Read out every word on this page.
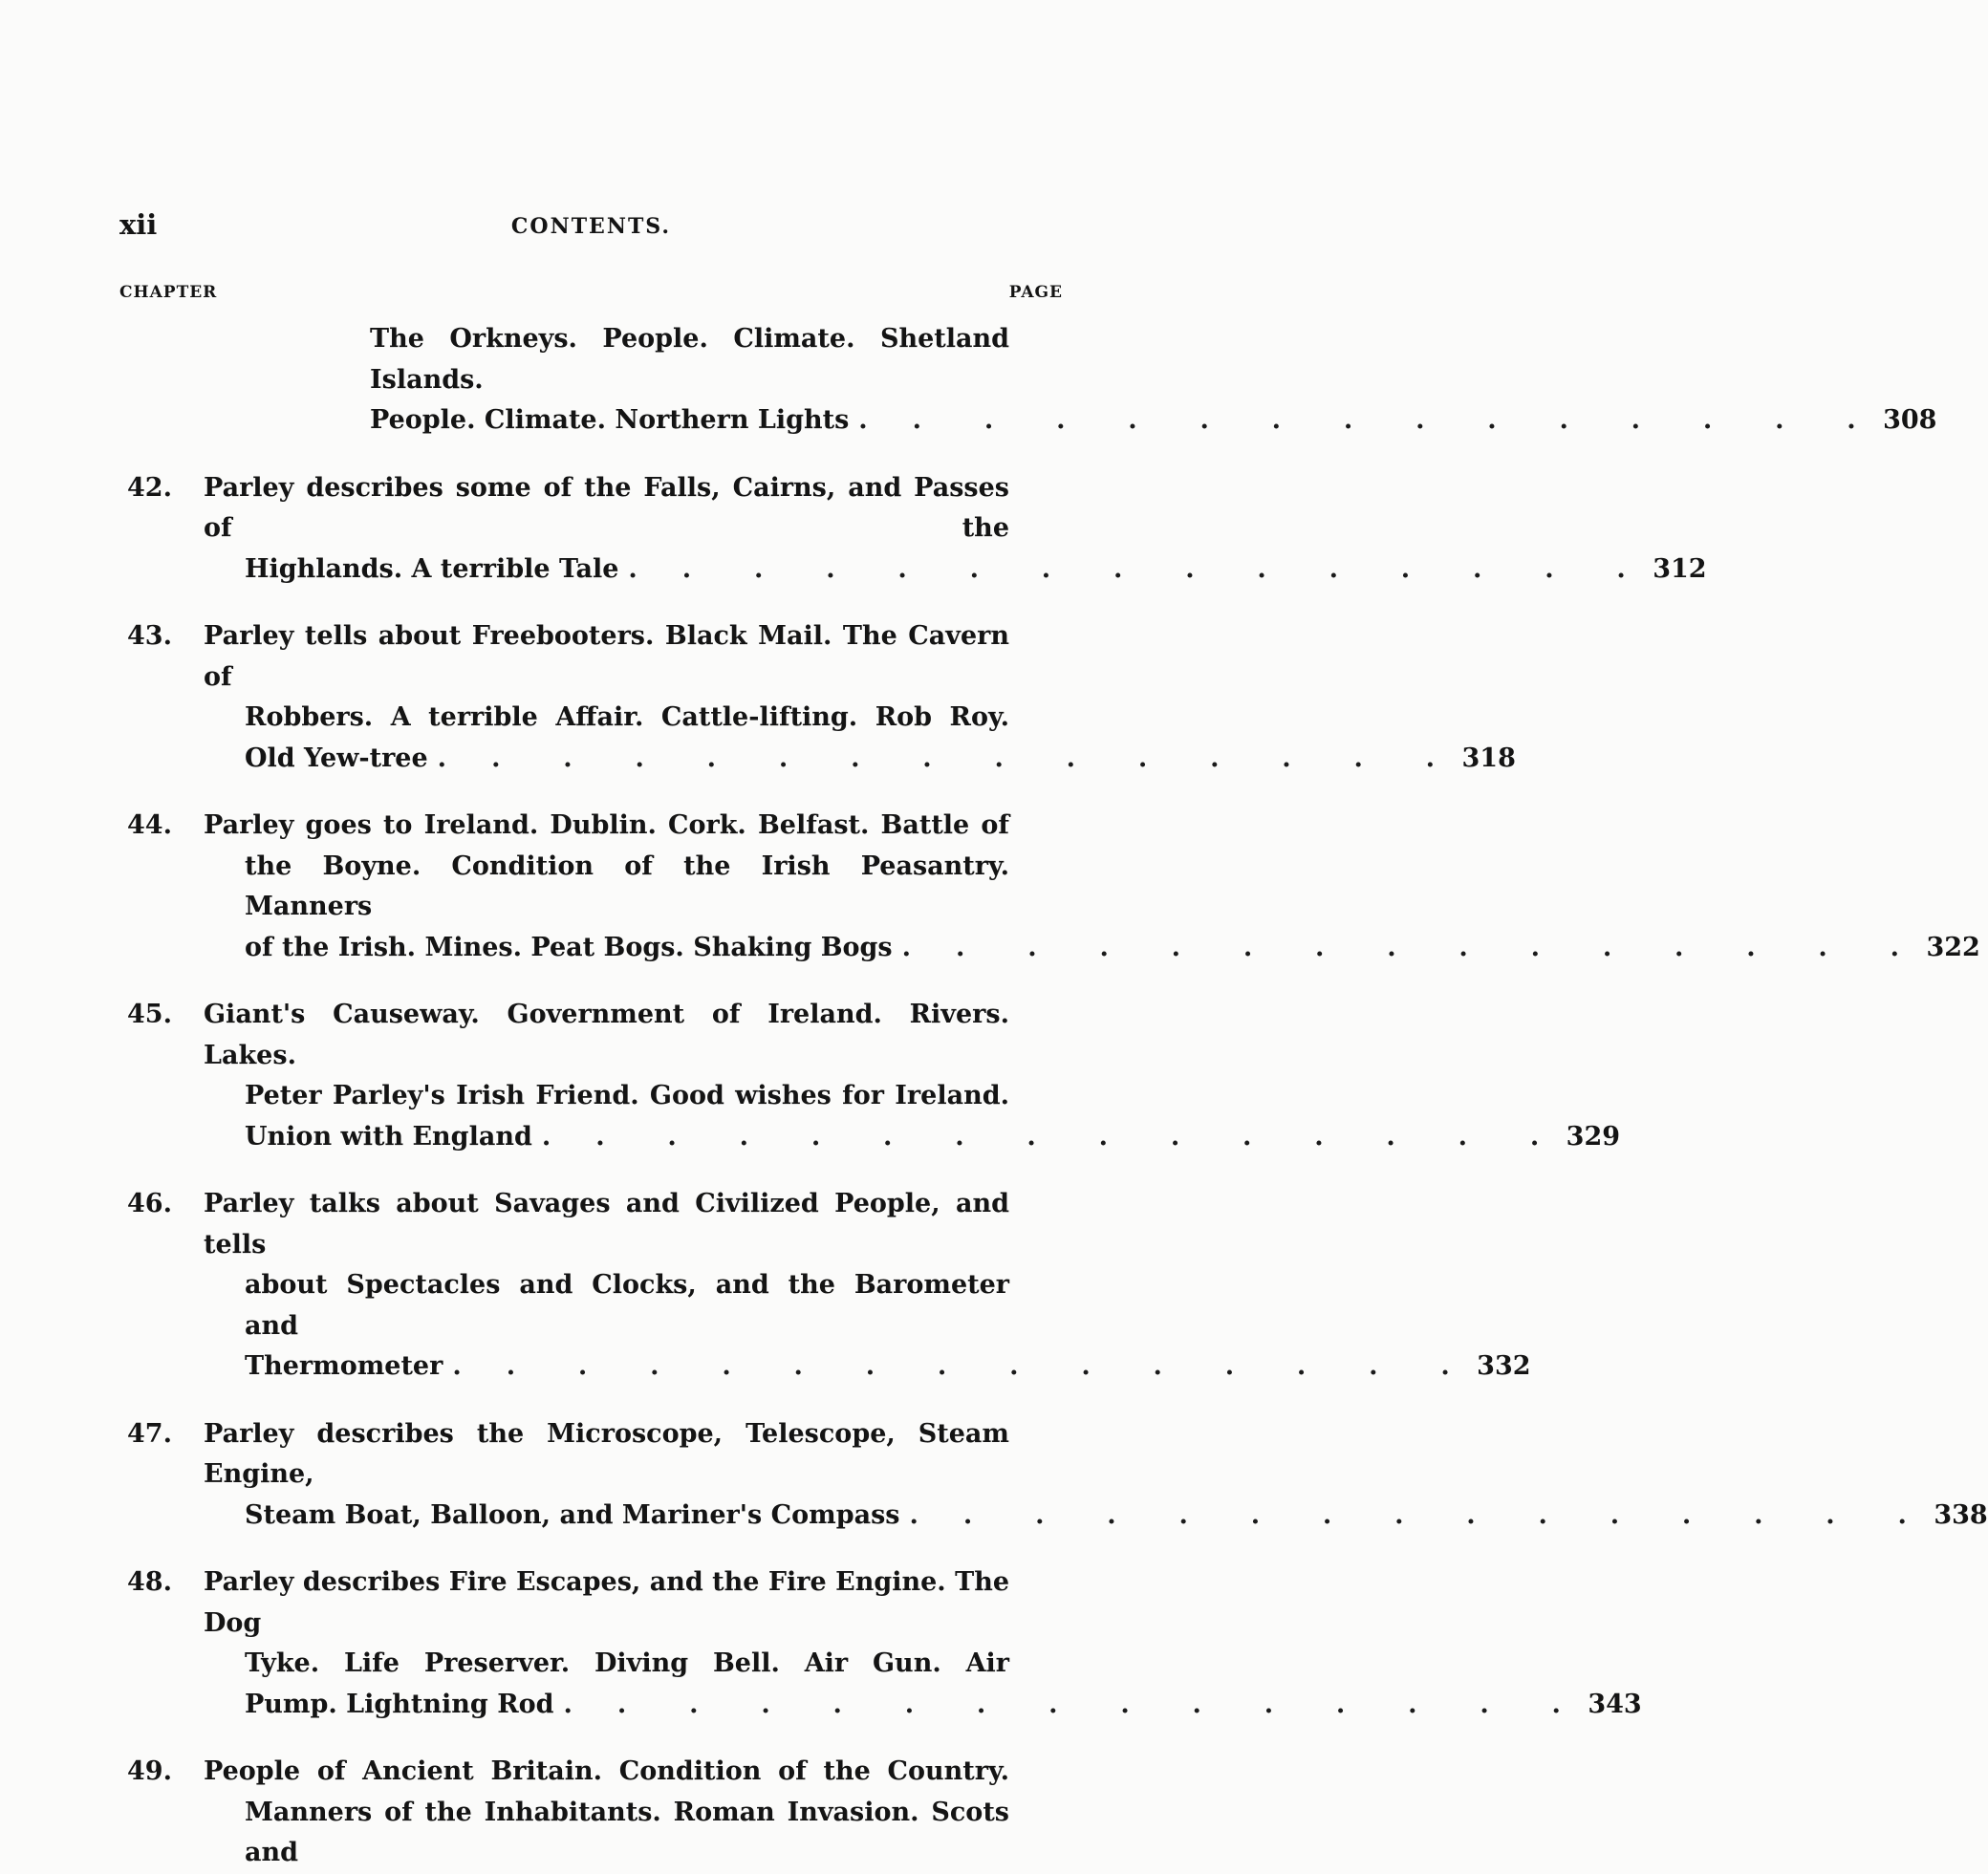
xii	CONTENTS.
CHAPTER	PAGE
The Orkneys. People. Climate. Shetland Islands.
People. Climate. Northern Lights .       .       .       .       .       .       .       .       .       .       .       .       .       .     . 308
42.	Parley describes some of the Falls, Cairns, and Passes of the
Highlands. A terrible Tale .       .       .       .       .       .       .       .       .       .       .       .       .       .     . 312
43.	Parley tells about Freebooters. Black Mail. The Cavern of
Robbers. A terrible Affair. Cattle-lifting. Rob Roy.
Old Yew-tree .       .       .       .       .       .       .       .       .       .       .       .       .       .     . 318
44.	Parley goes to Ireland. Dublin. Cork. Belfast. Battle of
the Boyne. Condition of the Irish Peasantry. Manners
of the Irish. Mines. Peat Bogs. Shaking Bogs .       .       .       .       .       .       .       .       .       .       .       .       .       .     . 322
45.	Giant's Causeway. Government of Ireland. Rivers. Lakes.
Peter Parley's Irish Friend. Good wishes for Ireland.
Union with England .       .       .       .       .       .       .       .       .       .       .       .       .       .     . 329
46.	Parley talks about Savages and Civilized People, and tells
about Spectacles and Clocks, and the Barometer and
Thermometer .       .       .       .       .       .       .       .       .       .       .       .       .       .     . 332
47.	Parley describes the Microscope, Telescope, Steam Engine,
Steam Boat, Balloon, and Mariner's Compass .       .       .       .       .       .       .       .       .       .       .       .       .       .     . 338
48.	Parley describes Fire Escapes, and the Fire Engine. The Dog
Tyke. Life Preserver. Diving Bell. Air Gun. Air
Pump. Lightning Rod .       .       .       .       .       .       .       .       .       .       .       .       .       .     . 343
49.	People of Ancient Britain. Condition of the Country.
Manners of the Inhabitants. Roman Invasion. Scots and
